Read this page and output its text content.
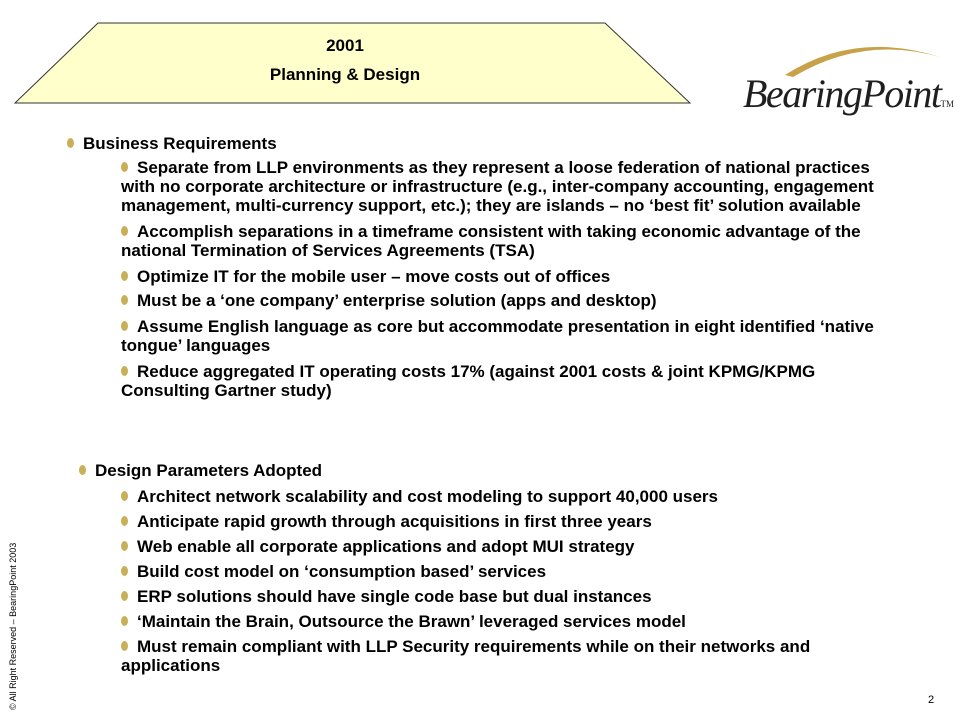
2001
Planning & Design	BearingPointTM
Business Requirements
Separate from LLP environments as they represent a loose federation of national practices with no corporate architecture or infrastructure (e.g., inter-company accounting, engagement management, multi-currency support, etc.); they are islands – no ‘best fit’ solution available
Accomplish separations in a timeframe consistent with taking economic advantage of the national Termination of Services Agreements (TSA)
Optimize IT for the mobile user – move costs out of offices
Must be a ‘one company’ enterprise solution (apps and desktop)
Assume English language as core but accommodate presentation in eight identified ‘native tongue’ languages
Reduce aggregated IT operating costs 17% (against 2001 costs & joint KPMG/KPMG Consulting Gartner study)
Design Parameters Adopted
Architect network scalability and cost modeling to support 40,000 users
Anticipate rapid growth through acquisitions in first three years
Web enable all corporate applications and adopt MUI strategy
Build cost model on ‘consumption based’ services
ERP solutions should have single code base but dual instances
‘Maintain the Brain, Outsource the Brawn’ leveraged services model
Must remain compliant with LLP Security requirements while on their networks and applications
© All Right Reserved – BearingPoint 2003	2
